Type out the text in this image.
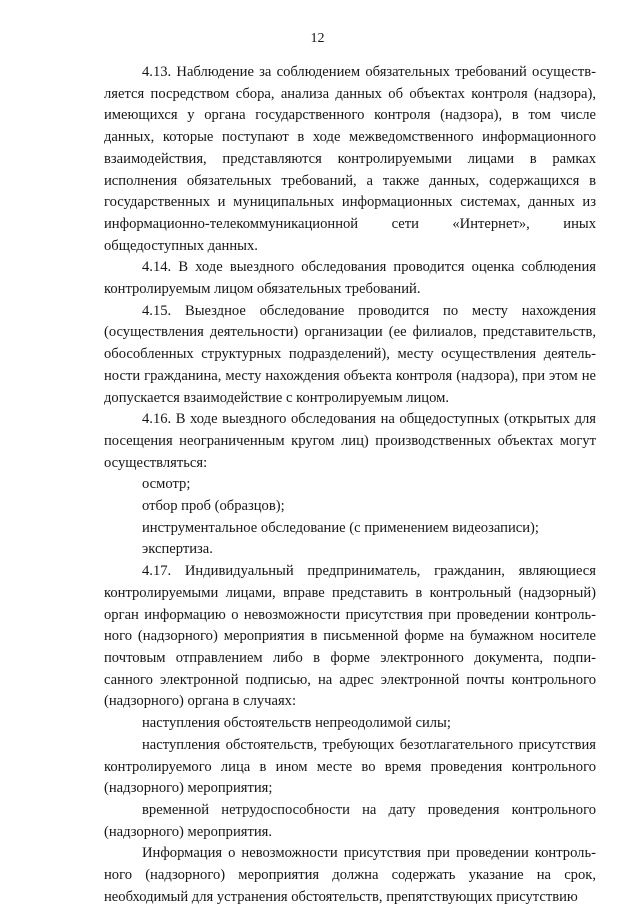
12

4.13. Наблюдение за соблюдением обязательных требований осуществ-ляется посредством сбора, анализа данных об объектах контроля (надзора), имеющихся у органа государственного контроля (надзора), в том числе данных, которые поступают в ходе межведомственного информационного взаимодействия, представляются контролируемыми лицами в рамках исполнения обязательных требований, а также данных, содержащихся в государственных и муниципальных информационных системах, данных из информационно-телекоммуникационной сети «Интернет», иных общедоступных данных.

4.14. В ходе выездного обследования проводится оценка соблюдения контролируемым лицом обязательных требований.

4.15. Выездное обследование проводится по месту нахождения (осуществления деятельности) организации (ее филиалов, представительств, обособленных структурных подразделений), месту осуществления деятель-ности гражданина, месту нахождения объекта контроля (надзора), при этом не допускается взаимодействие с контролируемым лицом.

4.16. В ходе выездного обследования на общедоступных (открытых для посещения неограниченным кругом лиц) производственных объектах могут осуществляться:

осмотр;

отбор проб (образцов);

инструментальное обследование (с применением видеозаписи);

экспертиза.

4.17. Индивидуальный предприниматель, гражданин, являющиеся контролируемыми лицами, вправе представить в контрольный (надзорный) орган информацию о невозможности присутствия при проведении контроль-ного (надзорного) мероприятия в письменной форме на бумажном носителе почтовым отправлением либо в форме электронного документа, подпи-санного электронной подписью, на адрес электронной почты контрольного (надзорного) органа в случаях:

наступления обстоятельств непреодолимой силы;

наступления обстоятельств, требующих безотлагательного присутствия контролируемого лица в ином месте во время проведения контрольного (надзорного) мероприятия;

временной нетрудоспособности на дату проведения контрольного (надзорного) мероприятия.

Информация о невозможности присутствия при проведении контроль-ного (надзорного) мероприятия должна содержать указание на срок, необходимый для устранения обстоятельств, препятствующих присутствию
